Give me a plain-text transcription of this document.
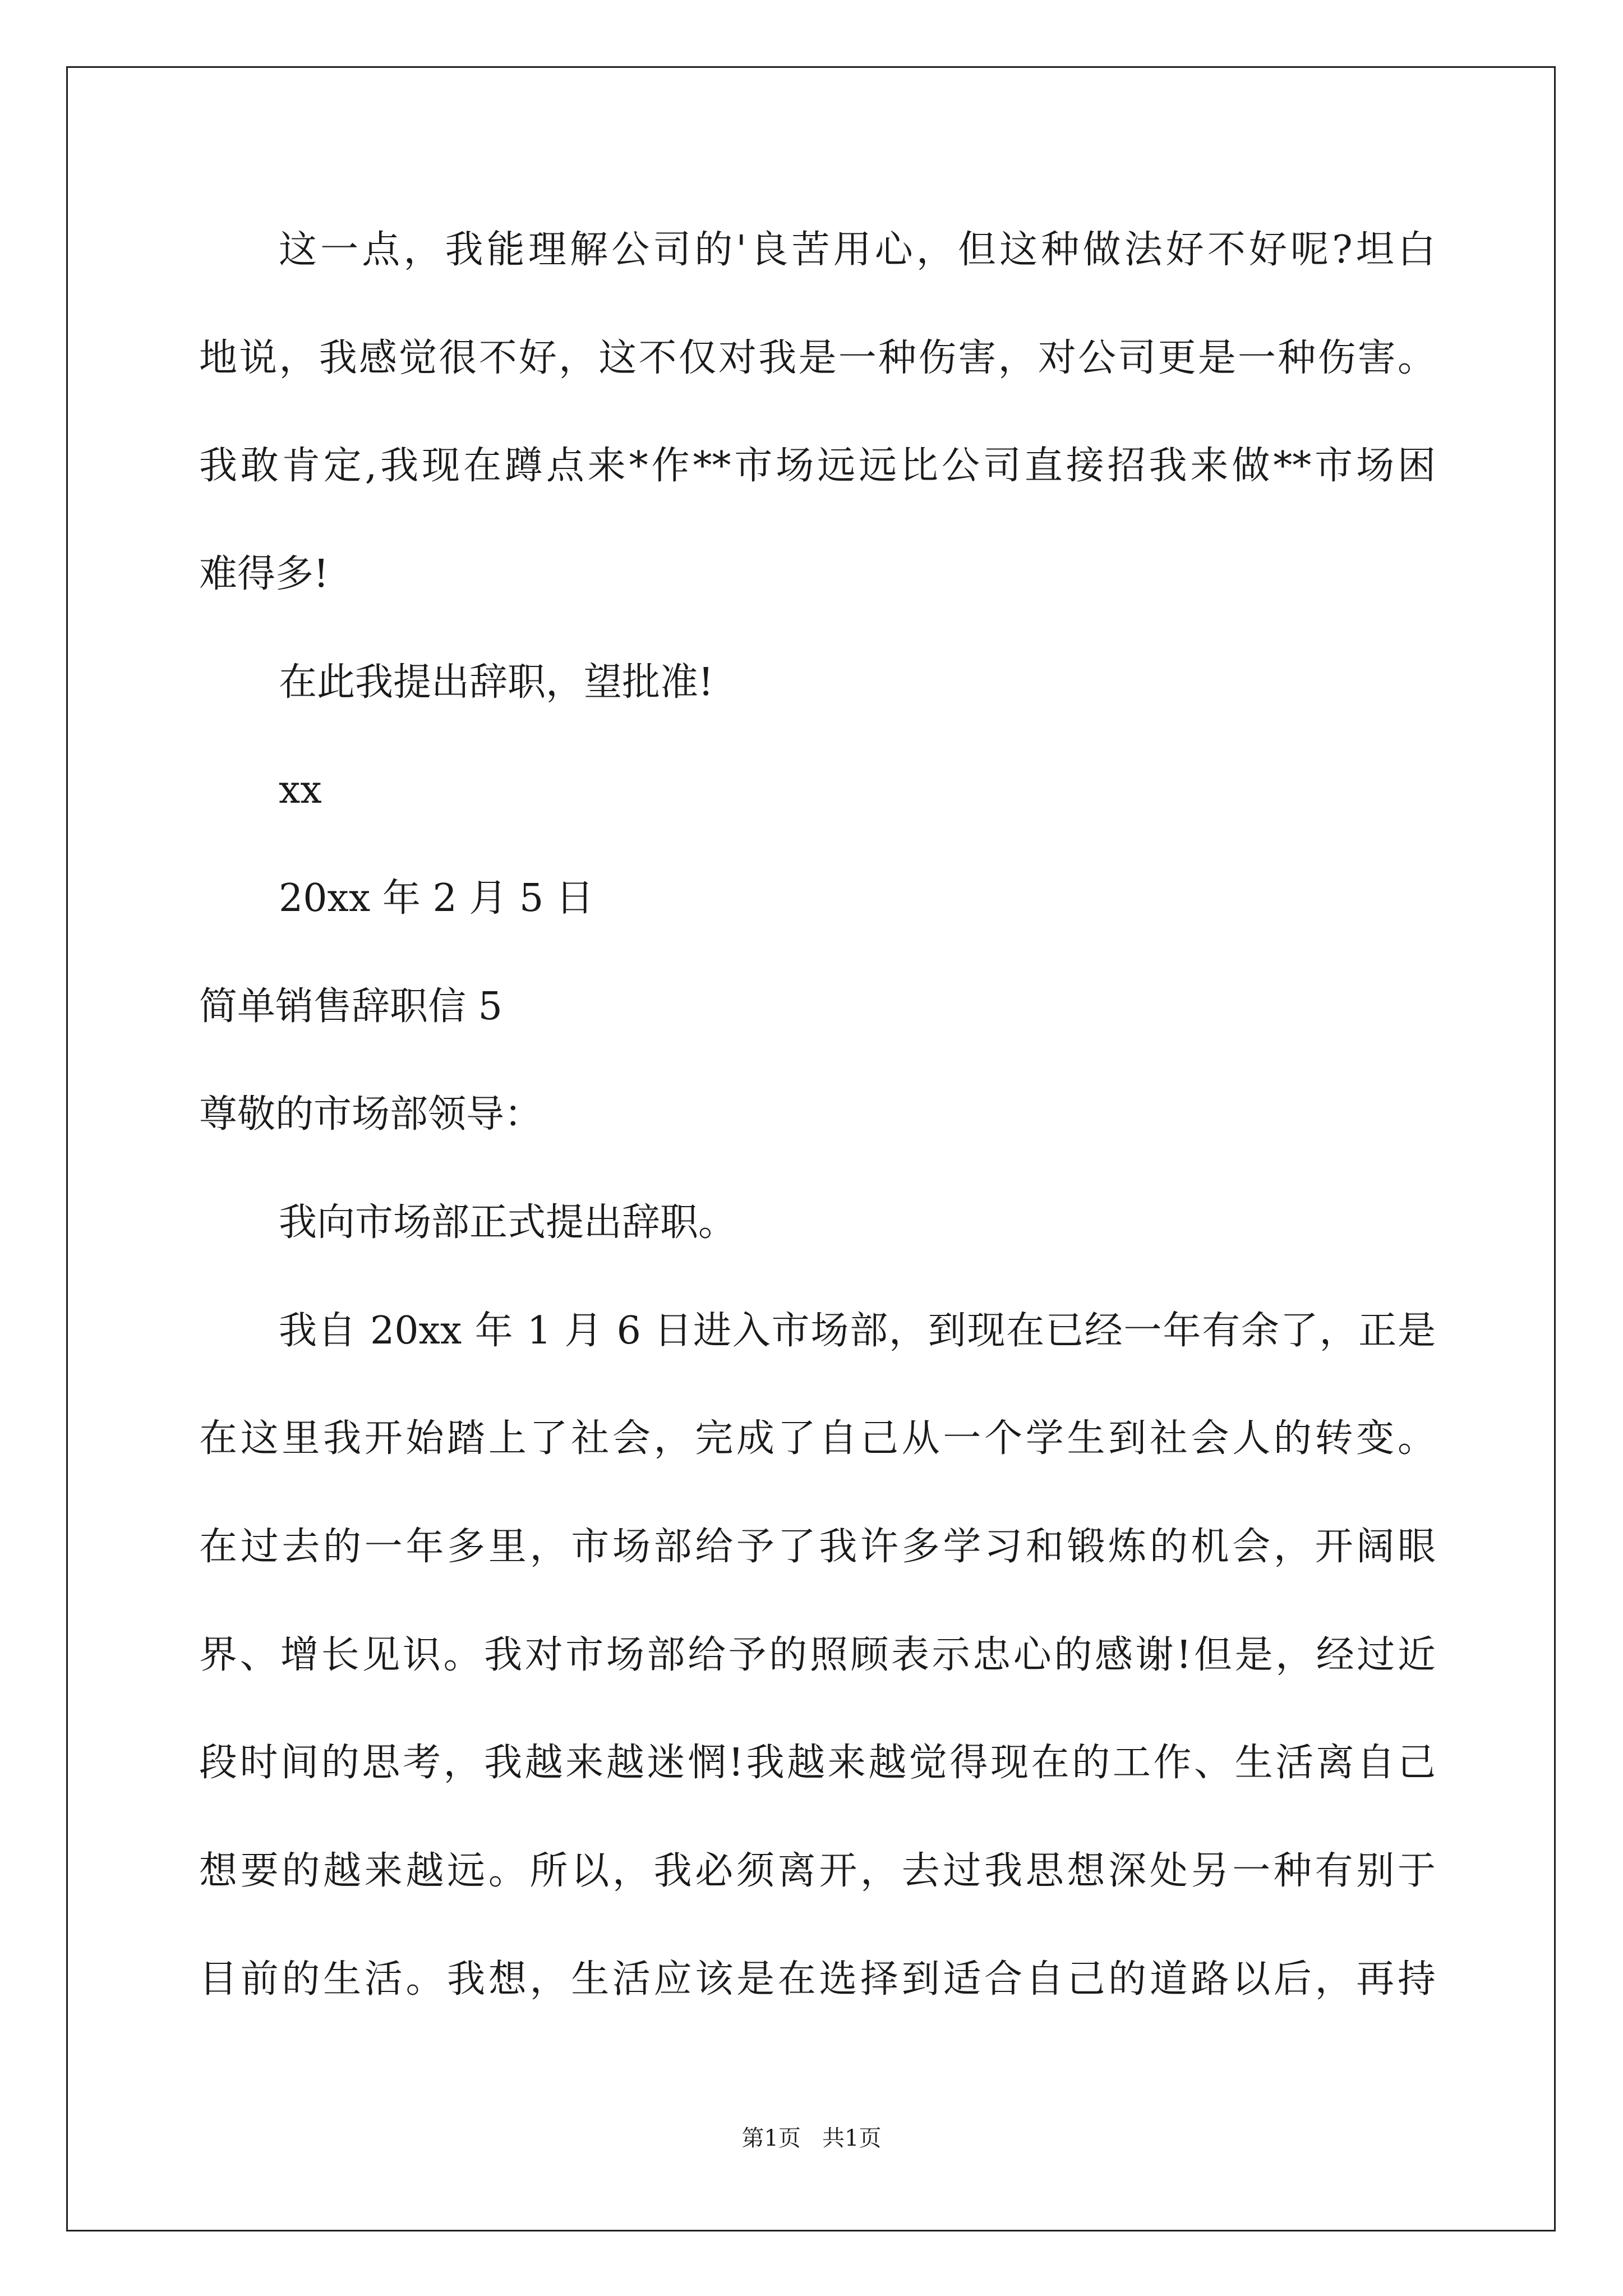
这一点，我能理解公司的'良苦用心，但这种做法好不好呢?坦白
地说，我感觉很不好，这不仅对我是一种伤害，对公司更是一种伤害。
我敢肯定,我现在蹲点来*作**市场远远比公司直接招我来做**市场困
难得多!
在此我提出辞职，望批准!
xx
20xx 年 2 月 5 日
简单销售辞职信 5
尊敬的市场部领导：
我向市场部正式提出辞职。
我自 20xx 年 1 月 6 日进入市场部，到现在已经一年有余了，正是
在这里我开始踏上了社会，完成了自己从一个学生到社会人的转变。
在过去的一年多里，市场部给予了我许多学习和锻炼的机会，开阔眼
界、增长见识。我对市场部给予的照顾表示忠心的感谢!但是，经过近
段时间的思考，我越来越迷惘!我越来越觉得现在的工作、生活离自己
想要的越来越远。所以，我必须离开，去过我思想深处另一种有别于
目前的生活。我想，生活应该是在选择到适合自己的道路以后，再持
第1页   共1页
